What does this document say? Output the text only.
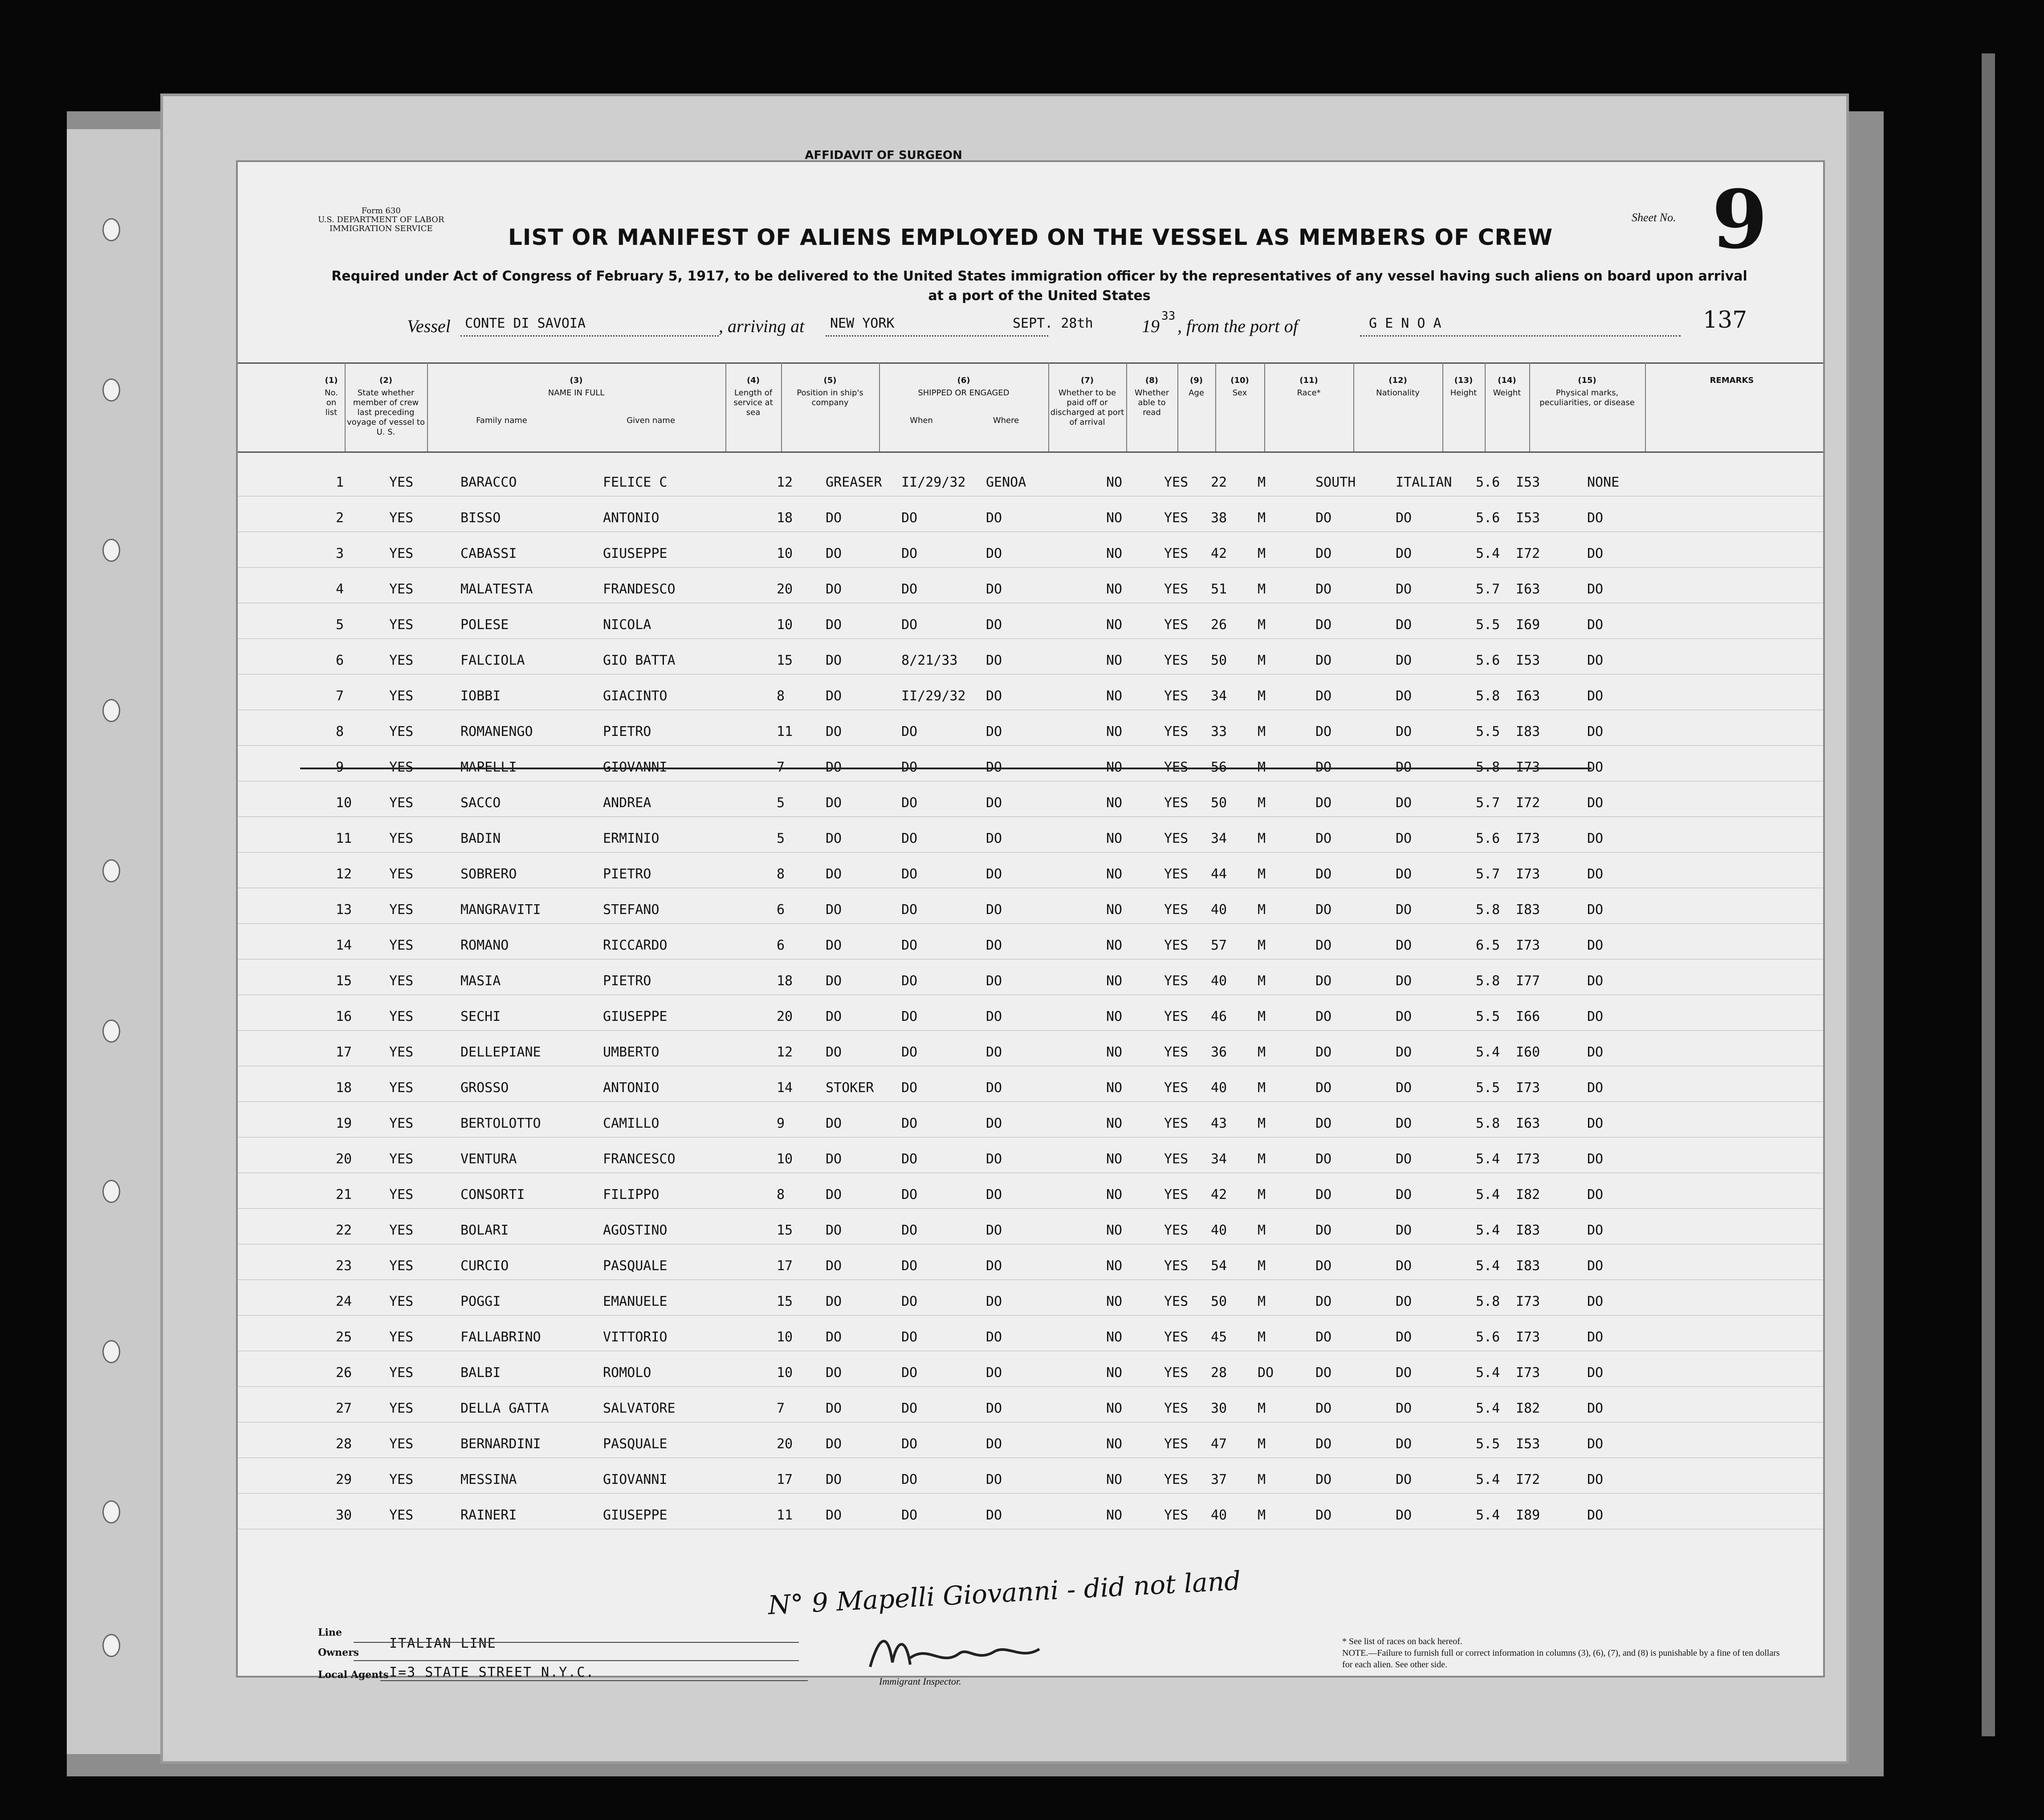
AFFIDAVIT OF SURGEON
Form 630
U.S. DEPARTMENT OF LABOR
IMMIGRATION SERVICE
Sheet No. 9
137
LIST OR MANIFEST OF ALIENS EMPLOYED ON THE VESSEL AS MEMBERS OF CREW
Required under Act of Congress of February 5, 1917, to be delivered to the United States immigration officer by the representatives of any vessel having such aliens on board upon arrival at a port of the United States
Vessel CONTE DI SAVOIA	, arriving at NEW YORK	SEPT. 28th	19 33 , from the port of	G E N O A
(1)
No. on list
(2)
State whether member of crew last preceding voyage of vessel to U. S.
(3)
NAME IN FULL
Family name	Given name
(4)
Length of service at sea
(5)
Position in ship's company
(6)
SHIPPED OR ENGAGED
When	Where
(7)
Whether to be paid off or discharged at port of arrival
(8)
Whether able to read
(9)
Age
(10)
Sex
(11)
Race*
(12)
Nationality
(13)
Height
(14)
Weight
(15)
Physical marks, peculiarities, or disease
REMARKS
1	YES	BARACCO	FELICE C	12 GREASER II/29/32 GENOA	NO	YES 22 M	SOUTH	ITALIAN 5.6 I53	NONE
2	YES	BISSO	ANTONIO	18 DO	DO	DO	NO	YES 38 M	DO	DO	5.6 I53	DO
3	YES	CABASSI	GIUSEPPE	10 DO	DO	DO	NO	YES 42 M	DO	DO	5.4 I72	DO
4	YES	MALATESTA	FRANDESCO	20 DO	DO	DO	NO	YES 51 M	DO	DO	5.7 I63	DO
5	YES	POLESE	NICOLA	10 DO	DO	DO	NO	YES 26 M	DO	DO	5.5 I69	DO
6	YES	FALCIOLA	GIO BATTA	15 DO	8/21/33 DO	NO	YES 50 M	DO	DO	5.6 I53	DO
7	YES	IOBBI	GIACINTO	8	DO	II/29/32 DO	NO	YES 34 M	DO	DO	5.8 I63	DO
8	YES	ROMANENGO	PIETRO	11 DO	DO	DO	NO	YES 33 M	DO	DO	5.5 I83	DO
9	YES	MAPELLI	GIOVANNI	7	DO	DO	DO	NO	YES 56 M	DO	DO	5.8 I73	DO
10	YES	SACCO	ANDREA	5	DO	DO	DO	NO	YES 50 M	DO	DO	5.7 I72	DO
11	YES	BADIN	ERMINIO	5	DO	DO	DO	NO	YES 34 M	DO	DO	5.6 I73	DO
12	YES	SOBRERO	PIETRO	8	DO	DO	DO	NO	YES 44 M	DO	DO	5.7 I73	DO
13	YES	MANGRAVITI	STEFANO	6	DO	DO	DO	NO	YES 40 M	DO	DO	5.8 I83	DO
14	YES	ROMANO	RICCARDO	6	DO	DO	DO	NO	YES 57 M	DO	DO	6.5 I73	DO
15	YES	MASIA	PIETRO	18 DO	DO	DO	NO	YES 40 M	DO	DO	5.8 I77	DO
16	YES	SECHI	GIUSEPPE	20 DO	DO	DO	NO	YES 46 M	DO	DO	5.5 I66	DO
17	YES	DELLEPIANE	UMBERTO	12 DO	DO	DO	NO	YES 36 M	DO	DO	5.4 I60	DO
18	YES	GROSSO	ANTONIO	14 STOKER DO	DO	NO	YES 40 M	DO	DO	5.5 I73	DO
19	YES	BERTOLOTTO	CAMILLO	9	DO	DO	DO	NO	YES 43 M	DO	DO	5.8 I63	DO
20	YES	VENTURA	FRANCESCO	10 DO	DO	DO	NO	YES 34 M	DO	DO	5.4 I73	DO
21	YES	CONSORTI	FILIPPO	8	DO	DO	DO	NO	YES 42 M	DO	DO	5.4 I82	DO
22	YES	BOLARI	AGOSTINO	15 DO	DO	DO	NO	YES 40 M	DO	DO	5.4 I83	DO
23	YES	CURCIO	PASQUALE	17 DO	DO	DO	NO	YES 54 M	DO	DO	5.4 I83	DO
24	YES	POGGI	EMANUELE	15 DO	DO	DO	NO	YES 50 M	DO	DO	5.8 I73	DO
25	YES	FALLABRINO	VITTORIO	10 DO	DO	DO	NO	YES 45 M	DO	DO	5.6 I73	DO
26	YES	BALBI	ROMOLO	10 DO	DO	DO	NO	YES 28 DO	DO	DO	5.4 I73	DO
27	YES	DELLA GATTA	SALVATORE	7	DO	DO	DO	NO	YES 30 M	DO	DO	5.4 I82	DO
28	YES	BERNARDINI	PASQUALE	20 DO	DO	DO	NO	YES 47 M	DO	DO	5.5 I53	DO
29	YES	MESSINA	GIOVANNI	17 DO	DO	DO	NO	YES 37 M	DO	DO	5.4 I72	DO
30	YES	RAINERI	GIUSEPPE	11 DO	DO	DO	NO	YES 40 M	DO	DO	5.4 I89	DO
Line
Owners
ITALIAN LINE
Local Agents I=3 STATE STREET N.Y.C.
N° 9 Mapelli Giovanni - did not land
Immigrant Inspector.
* See list of races on back hereof.
NOTE.—Failure to furnish full or correct information in columns (3), (6), (7), and (8) is punishable by a fine of ten dollars for each alien. See other side.
